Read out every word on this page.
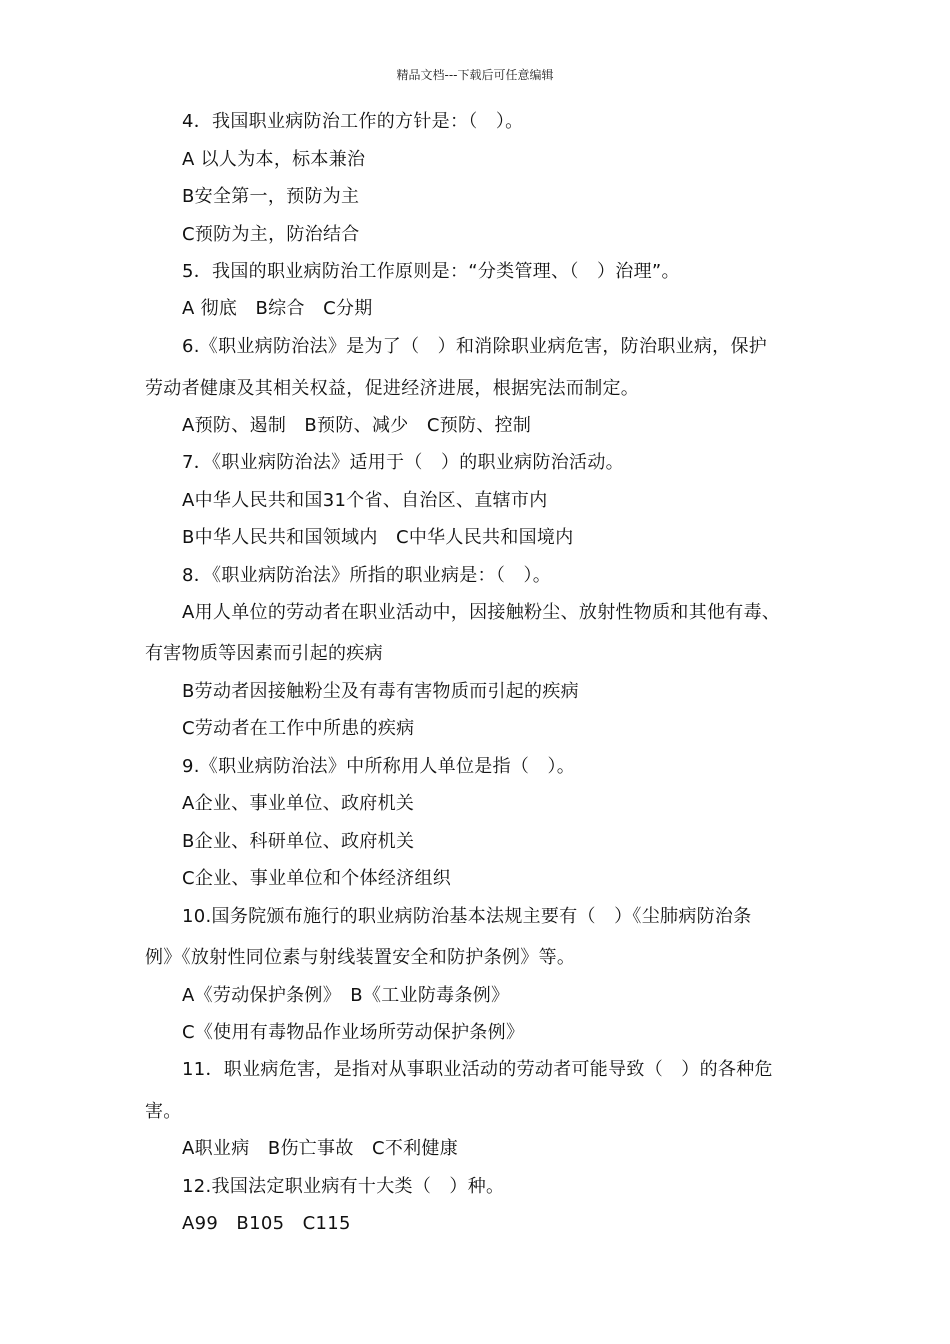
精品文档---下载后可任意编辑
4．我国职业病防治工作的方针是：（　）。
A 以人为本，标本兼治
B安全第一，预防为主
C预防为主，防治结合
5．我国的职业病防治工作原则是：“分类管理、（　）治理”。
A 彻底　B综合　C分期
6.《职业病防治法》是为了（　）和消除职业病危害，防治职业病，保护
劳动者健康及其相关权益，促进经济进展，根据宪法而制定。
A预防、遏制　B预防、减少　C预防、控制
7．《职业病防治法》适用于（　）的职业病防治活动。
A中华人民共和国31个省、自治区、直辖市内
B中华人民共和国领域内　C中华人民共和国境内
8．《职业病防治法》所指的职业病是：（　）。
A用人单位的劳动者在职业活动中，因接触粉尘、放射性物质和其他有毒、
有害物质等因素而引起的疾病
B劳动者因接触粉尘及有毒有害物质而引起的疾病
C劳动者在工作中所患的疾病
9.《职业病防治法》中所称用人单位是指（　）。
A企业、事业单位、政府机关
B企业、科研单位、政府机关
C企业、事业单位和个体经济组织
10.国务院颁布施行的职业病防治基本法规主要有（　）《尘肺病防治条
例》《放射性同位素与射线装置安全和防护条例》等。
A《劳动保护条例》　B《工业防毒条例》
C《使用有毒物品作业场所劳动保护条例》
11．职业病危害，是指对从事职业活动的劳动者可能导致（　）的各种危
害。
A职业病　B伤亡事故　C不利健康
12.我国法定职业病有十大类（　）种。
A99　B105　C115
